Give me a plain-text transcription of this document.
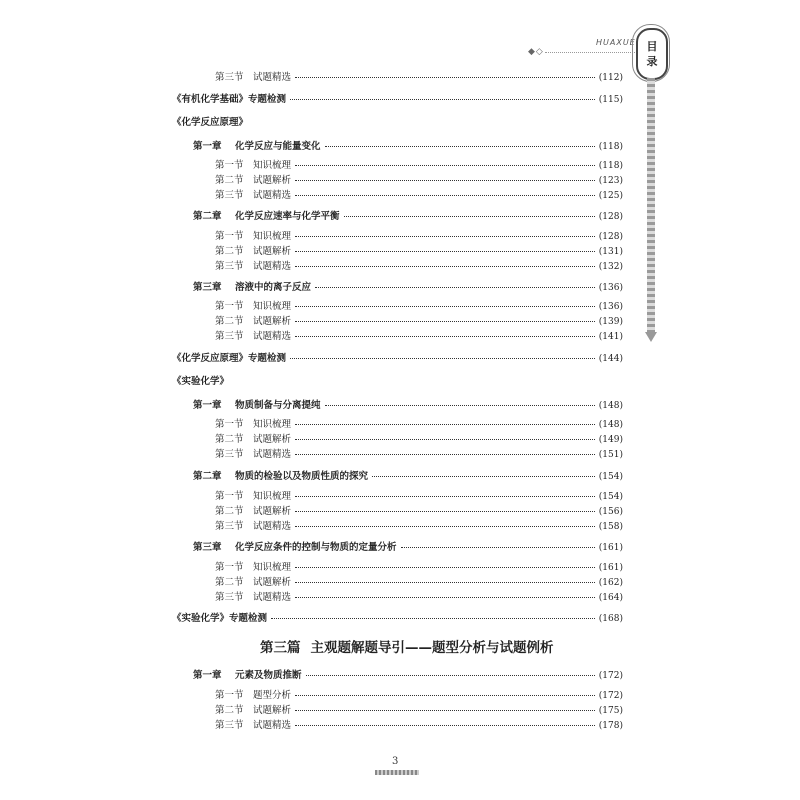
◆◇
HUAXUE 目
录
第三节 试题精选	(112)
《有机化学基础》专题检测	(115)
《化学反应原理》
第一章	化学反应与能量变化	(118)
第一节 知识梳理	(118)
第二节 试题解析	(123)
第三节 试题精选	(125)
第二章	化学反应速率与化学平衡	(128)
第一节 知识梳理	(128)
第二节 试题解析	(131)
第三节 试题精选	(132)
第三章	溶液中的离子反应	(136)
第一节 知识梳理	(136)
第二节 试题解析	(139)
第三节 试题精选	(141)
《化学反应原理》专题检测	(144)
《实验化学》
第一章	物质制备与分离提纯	(148)
第一节 知识梳理	(148)
第二节 试题解析	(149)
第三节 试题精选	(151)
第二章	物质的检验以及物质性质的探究	(154)
第一节 知识梳理	(154)
第二节 试题解析	(156)
第三节 试题精选	(158)
第三章	化学反应条件的控制与物质的定量分析	(161)
第一节 知识梳理	(161)
第二节 试题解析	(162)
第三节 试题精选	(164)
《实验化学》专题检测	(168)
第三篇 主观题解题导引——题型分析与试题例析
第一章	元素及物质推断	(172)
第一节 题型分析	(172)
第二节 试题解析	(175)
第三节 试题精选	(178)
3
